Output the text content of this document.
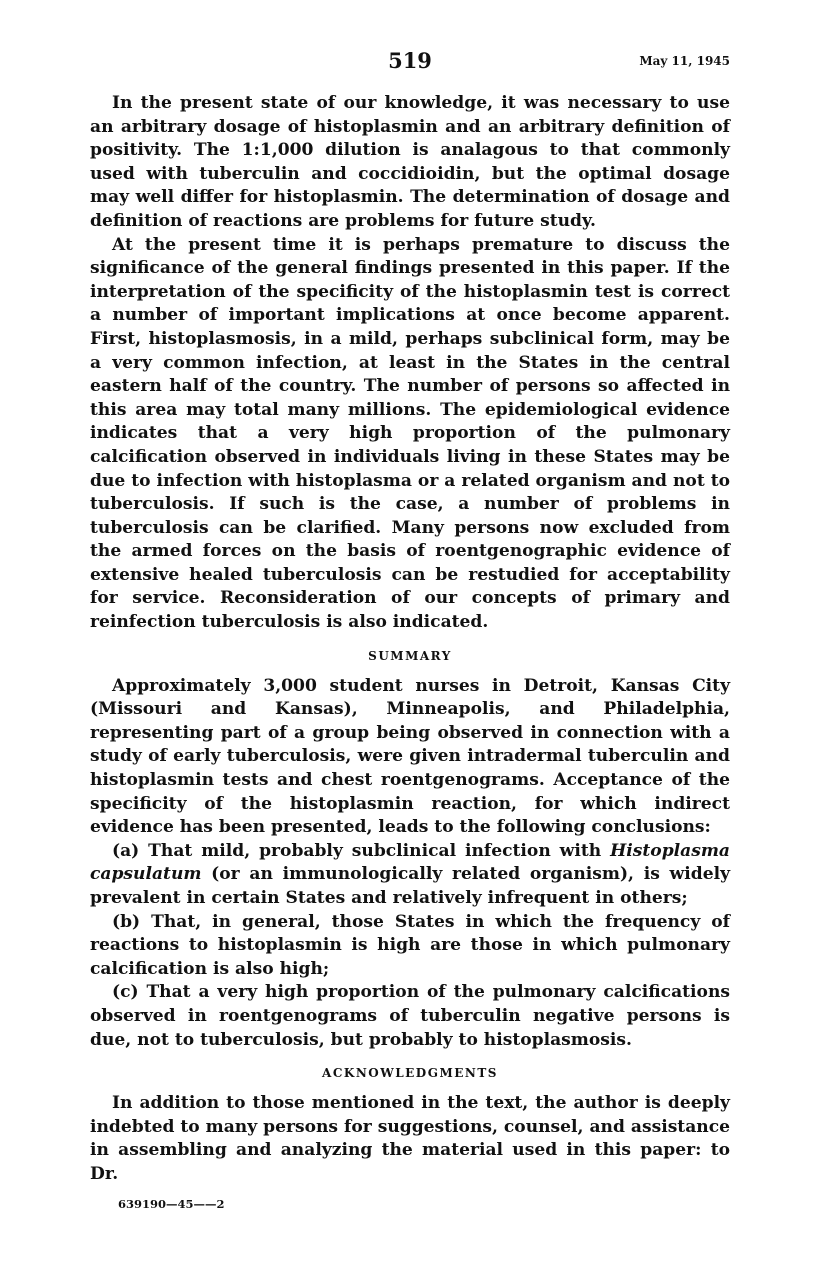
519	May 11, 1945

In the present state of our knowledge, it was necessary to use an arbitrary dosage of histoplasmin and an arbitrary definition of positivity. The 1:1,000 dilution is analagous to that commonly used with tuberculin and coccidioidin, but the optimal dosage may well differ for histoplasmin. The determination of dosage and definition of reactions are problems for future study.

At the present time it is perhaps premature to discuss the significance of the general findings presented in this paper. If the interpretation of the specificity of the histoplasmin test is correct a number of important implications at once become apparent. First, histoplasmosis, in a mild, perhaps subclinical form, may be a very common infection, at least in the States in the central eastern half of the country. The number of persons so affected in this area may total many millions. The epidemiological evidence indicates that a very high proportion of the pulmonary calcification observed in individuals living in these States may be due to infection with histoplasma or a related organism and not to tuberculosis. If such is the case, a number of problems in tuberculosis can be clarified. Many persons now excluded from the armed forces on the basis of roentgenographic evidence of extensive healed tuberculosis can be restudied for acceptability for service. Reconsideration of our concepts of primary and reinfection tuberculosis is also indicated.

SUMMARY

Approximately 3,000 student nurses in Detroit, Kansas City (Missouri and Kansas), Minneapolis, and Philadelphia, representing part of a group being observed in connection with a study of early tuberculosis, were given intradermal tuberculin and histoplasmin tests and chest roentgenograms. Acceptance of the specificity of the histoplasmin reaction, for which indirect evidence has been presented, leads to the following conclusions:

(a) That mild, probably subclinical infection with Histoplasma capsulatum (or an immunologically related organism), is widely prevalent in certain States and relatively infrequent in others;

(b) That, in general, those States in which the frequency of reactions to histoplasmin is high are those in which pulmonary calcification is also high;

(c) That a very high proportion of the pulmonary calcifications observed in roentgenograms of tuberculin negative persons is due, not to tuberculosis, but probably to histoplasmosis.

ACKNOWLEDGMENTS

In addition to those mentioned in the text, the author is deeply indebted to many persons for suggestions, counsel, and assistance in assembling and analyzing the material used in this paper: to Dr.

639190—45——2
